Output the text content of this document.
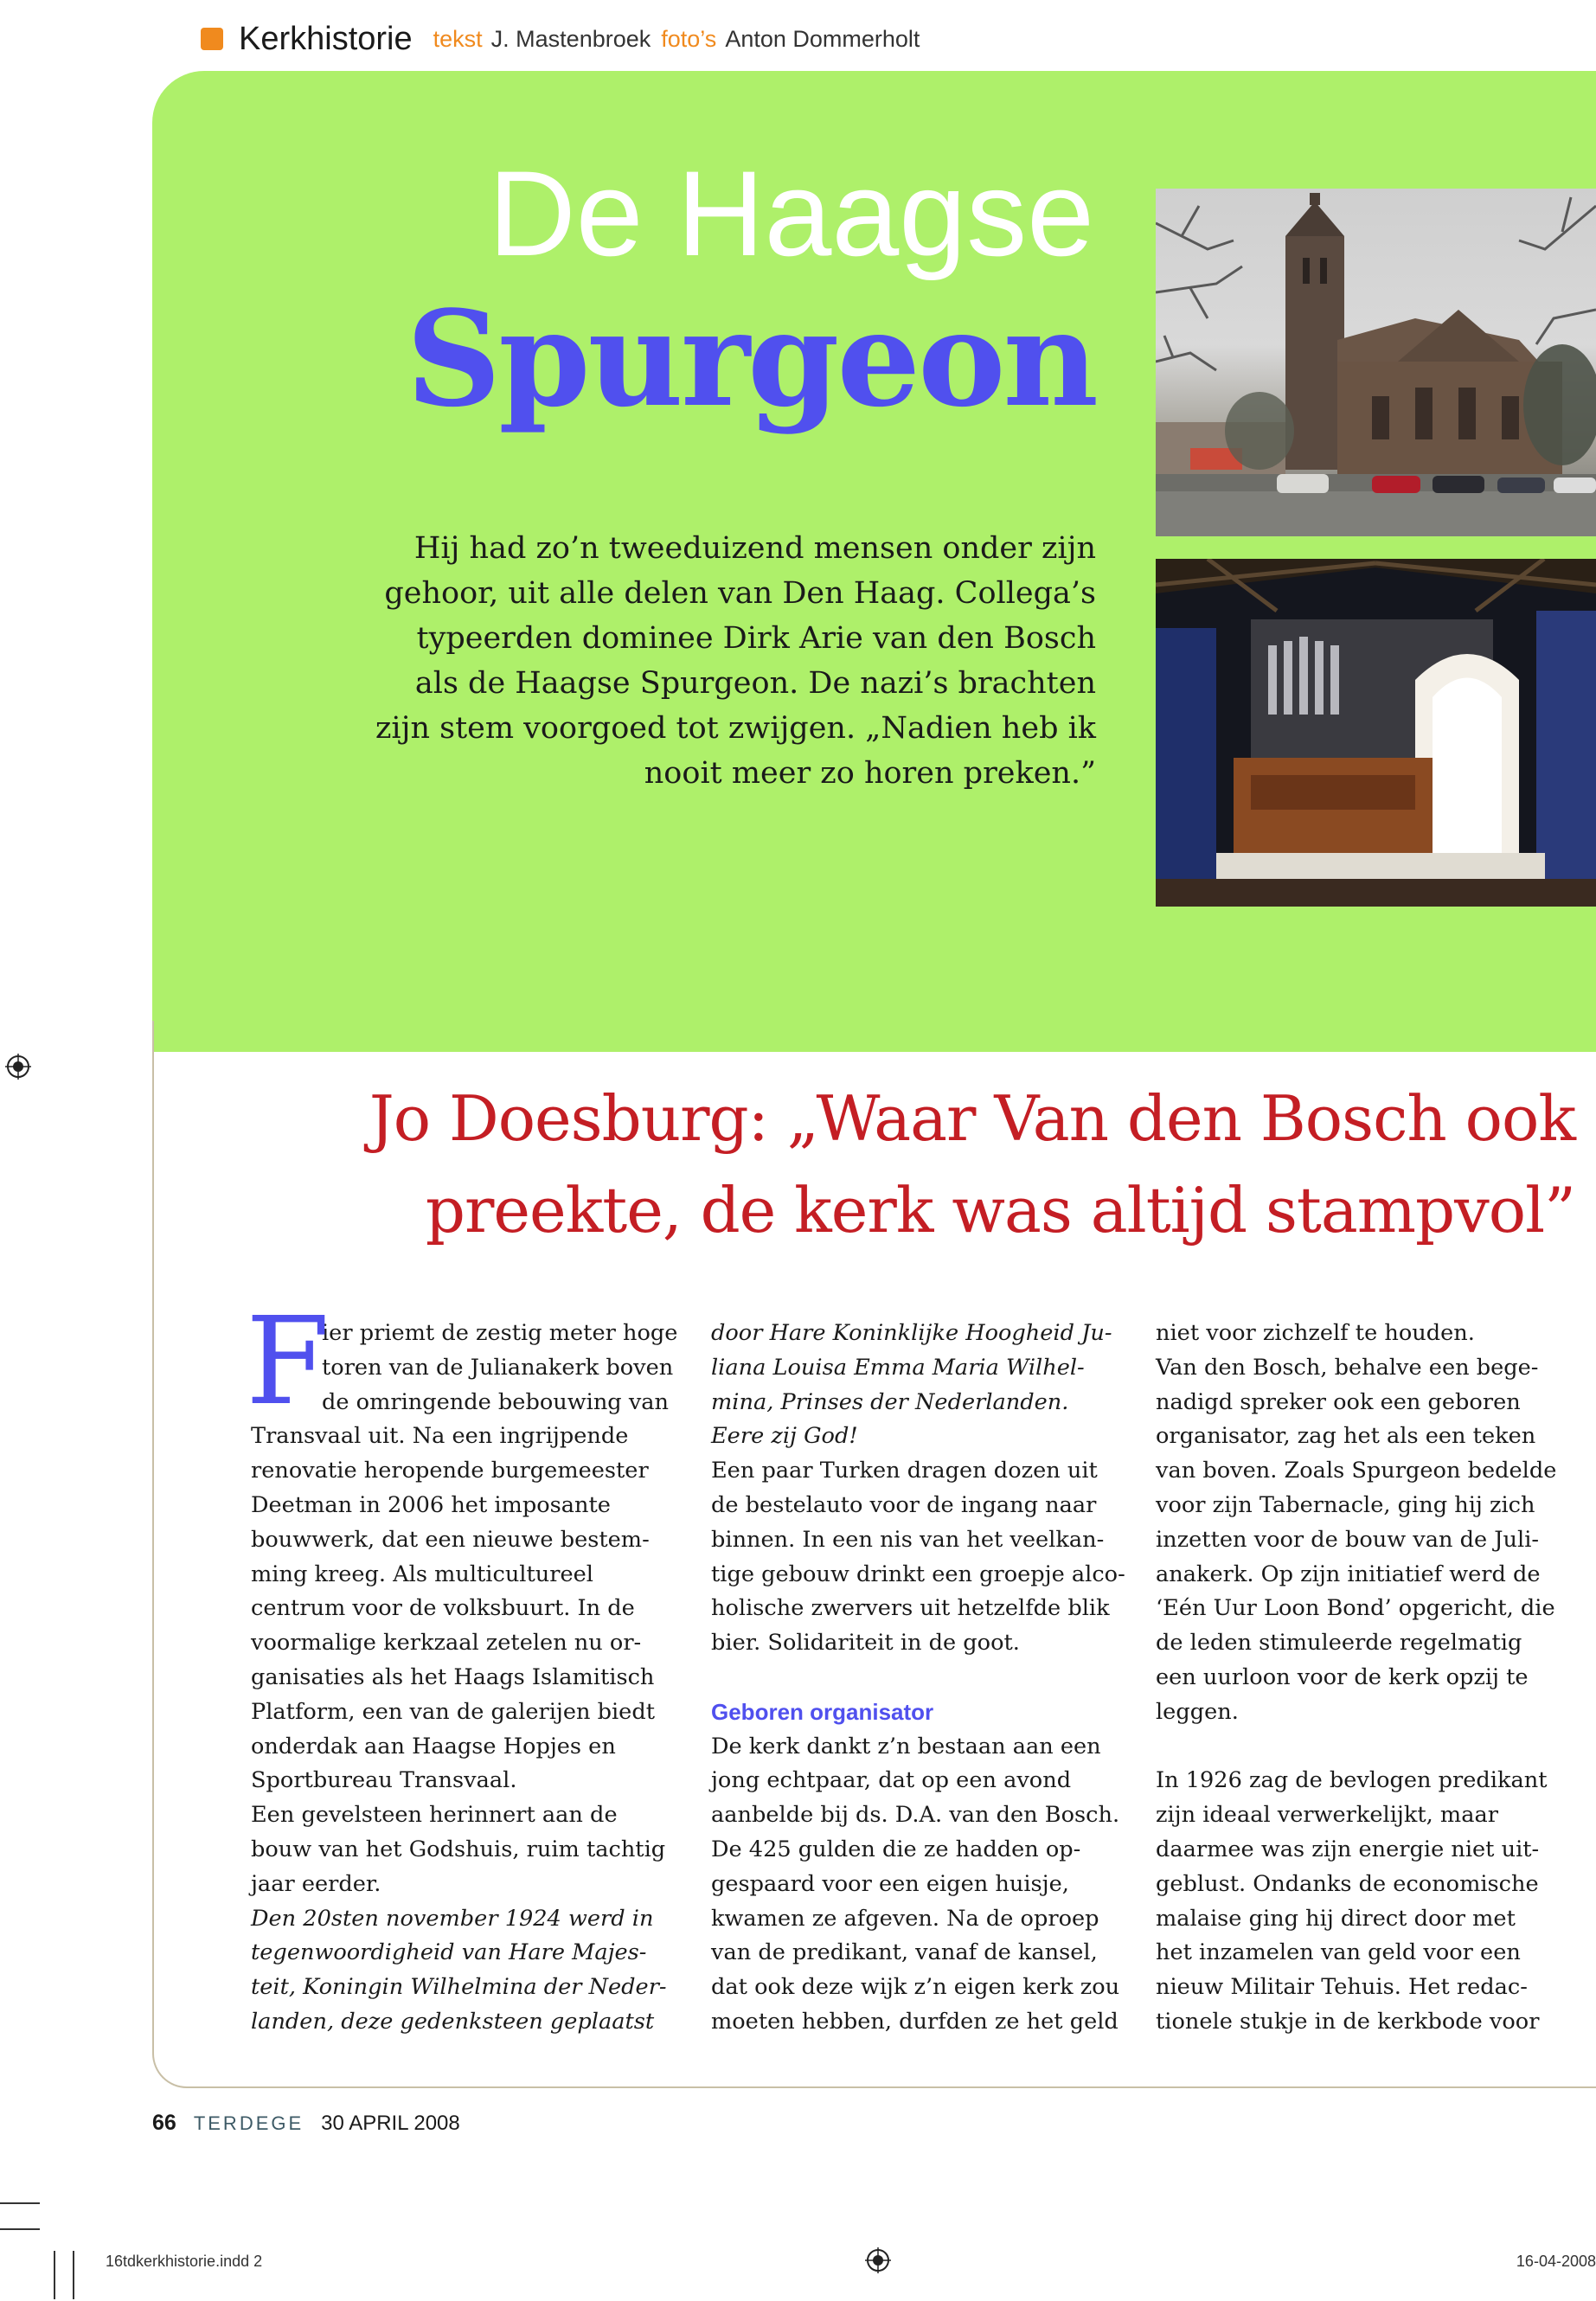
Kerkhistorie tekst J. Mastenbroek foto’s Anton Dommerholt
De Haagse
Spurgeon
Hij had zo’n tweeduizend mensen onder zijn
gehoor, uit alle delen van Den Haag. Collega’s
typeerden dominee Dirk Arie van den Bosch
als de Haagse Spurgeon. De nazi’s brachten
zijn stem voorgoed tot zwijgen. „Nadien heb ik
nooit meer zo horen preken.”
Jo Doesburg: „Waar Van den Bosch ook
preekte, de kerk was altijd stampvol”
F
ier priemt de zestig meter hoge
toren van de Julianakerk boven
de omringende bebouwing van
Transvaal uit. Na een ingrijpende
renovatie heropende burgemeester
Deetman in 2006 het imposante
bouwwerk, dat een nieuwe bestem-
ming kreeg. Als multicultureel
centrum voor de volksbuurt. In de
voormalige kerkzaal zetelen nu or-
ganisaties als het Haags Islamitisch
Platform, een van de galerijen biedt
onderdak aan Haagse Hopjes en
Sportbureau Transvaal.
Een gevelsteen herinnert aan de
bouw van het Godshuis, ruim tachtig
jaar eerder.
Den 20sten november 1924 werd in
tegenwoordigheid van Hare Majes-
teit, Koningin Wilhelmina der Neder-
landen, deze gedenksteen geplaatst
door Hare Koninklijke Hoogheid Ju-
liana Louisa Emma Maria Wilhel-
mina, Prinses der Nederlanden.
Eere zij God!
Een paar Turken dragen dozen uit
de bestelauto voor de ingang naar
binnen. In een nis van het veelkan-
tige gebouw drinkt een groepje alco-
holische zwervers uit hetzelfde blik
bier. Solidariteit in de goot.
Geboren organisator
De kerk dankt z’n bestaan aan een
jong echtpaar, dat op een avond
aanbelde bij ds. D.A. van den Bosch.
De 425 gulden die ze hadden op-
gespaard voor een eigen huisje,
kwamen ze afgeven. Na de oproep
van de predikant, vanaf de kansel,
dat ook deze wijk z’n eigen kerk zou
moeten hebben, durfden ze het geld
niet voor zichzelf te houden.
Van den Bosch, behalve een bege-
nadigd spreker ook een geboren
organisator, zag het als een teken
van boven. Zoals Spurgeon bedelde
voor zijn Tabernacle, ging hij zich
inzetten voor de bouw van de Juli-
anakerk. Op zijn initiatief werd de
‘Eén Uur Loon Bond’ opgericht, die
de leden stimuleerde regelmatig
een uurloon voor de kerk opzij te
leggen.
In 1926 zag de bevlogen predikant
zijn ideaal verwerkelijkt, maar
daarmee was zijn energie niet uit-
geblust. Ondanks de economische
malaise ging hij direct door met
het inzamelen van geld voor een
nieuw Militair Tehuis. Het redac-
tionele stukje in de kerkbode voor
66 TERDEGE 30 APRIL 2008
16tdkerkhistorie.indd 2	16-04-2008
